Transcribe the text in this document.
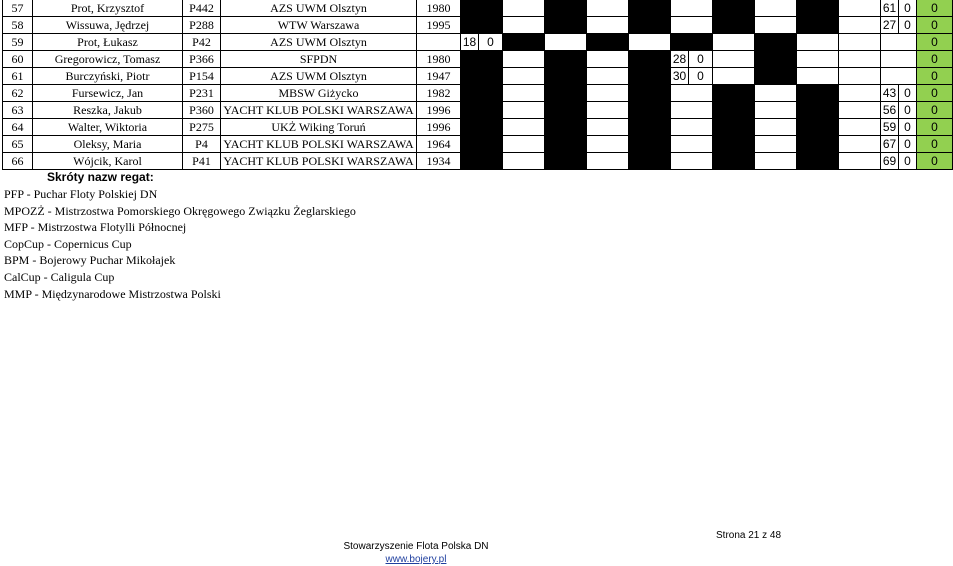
57	Prot, Krzysztof	P442	AZS UWM Olsztyn	1980													61	0	0
58	Wissuwa, Jędrzej	P288	WTW Warszawa	1995													27	0	0
59	Prot, Łukasz	P42	AZS UWM Olsztyn		18	0													0
60	Gregorowicz, Tomasz	P366	SFPDN	1980							28	0							0
61	Burczyński, Piotr	P154	AZS UWM Olsztyn	1947							30	0							0
62	Fursewicz, Jan	P231	MBSW Giżycko	1982													43	0	0
63	Reszka, Jakub	P360	YACHT KLUB POLSKI WARSZAWA	1996													56	0	0
64	Walter, Wiktoria	P275	UKŻ Wiking Toruń	1996													59	0	0
65	Oleksy, Maria	P4	YACHT KLUB POLSKI WARSZAWA	1964													67	0	0
66	Wójcik, Karol	P41	YACHT KLUB POLSKI WARSZAWA	1934													69	0	0
Skróty nazw regat:
PFP - Puchar Floty Polskiej DN
MPOZŻ - Mistrzostwa Pomorskiego Okręgowego Związku Żeglarskiego
MFP - Mistrzostwa Flotylli Północnej
CopCup - Copernicus Cup
BPM - Bojerowy Puchar Mikołajek
CalCup - Caligula Cup
MMP - Międzynarodowe Mistrzostwa Polski
Strona 21 z 48
Stowarzyszenie Flota Polska DN
www.bojery.pl
